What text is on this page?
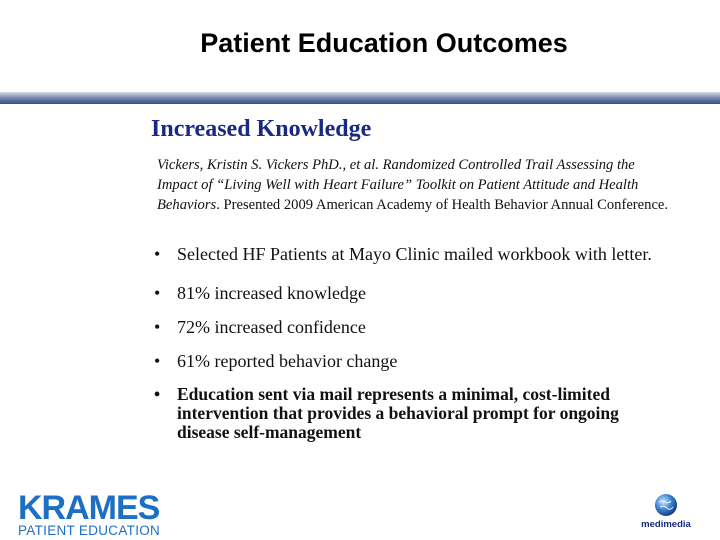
Patient Education Outcomes
Increased Knowledge
Vickers, Kristin S. Vickers PhD., et al. Randomized Controlled Trail Assessing the Impact of “Living Well with Heart Failure” Toolkit on Patient Attitude and Health Behaviors. Presented 2009 American Academy of Health Behavior Annual Conference.
• Selected HF Patients at Mayo Clinic mailed workbook with letter.
• 81% increased knowledge
• 72% increased confidence
• 61% reported behavior change
• Education sent via mail represents a minimal, cost-limited intervention that provides a behavioral prompt for ongoing disease self-management
KRAMES
PATIENT EDUCATION	medimedia
